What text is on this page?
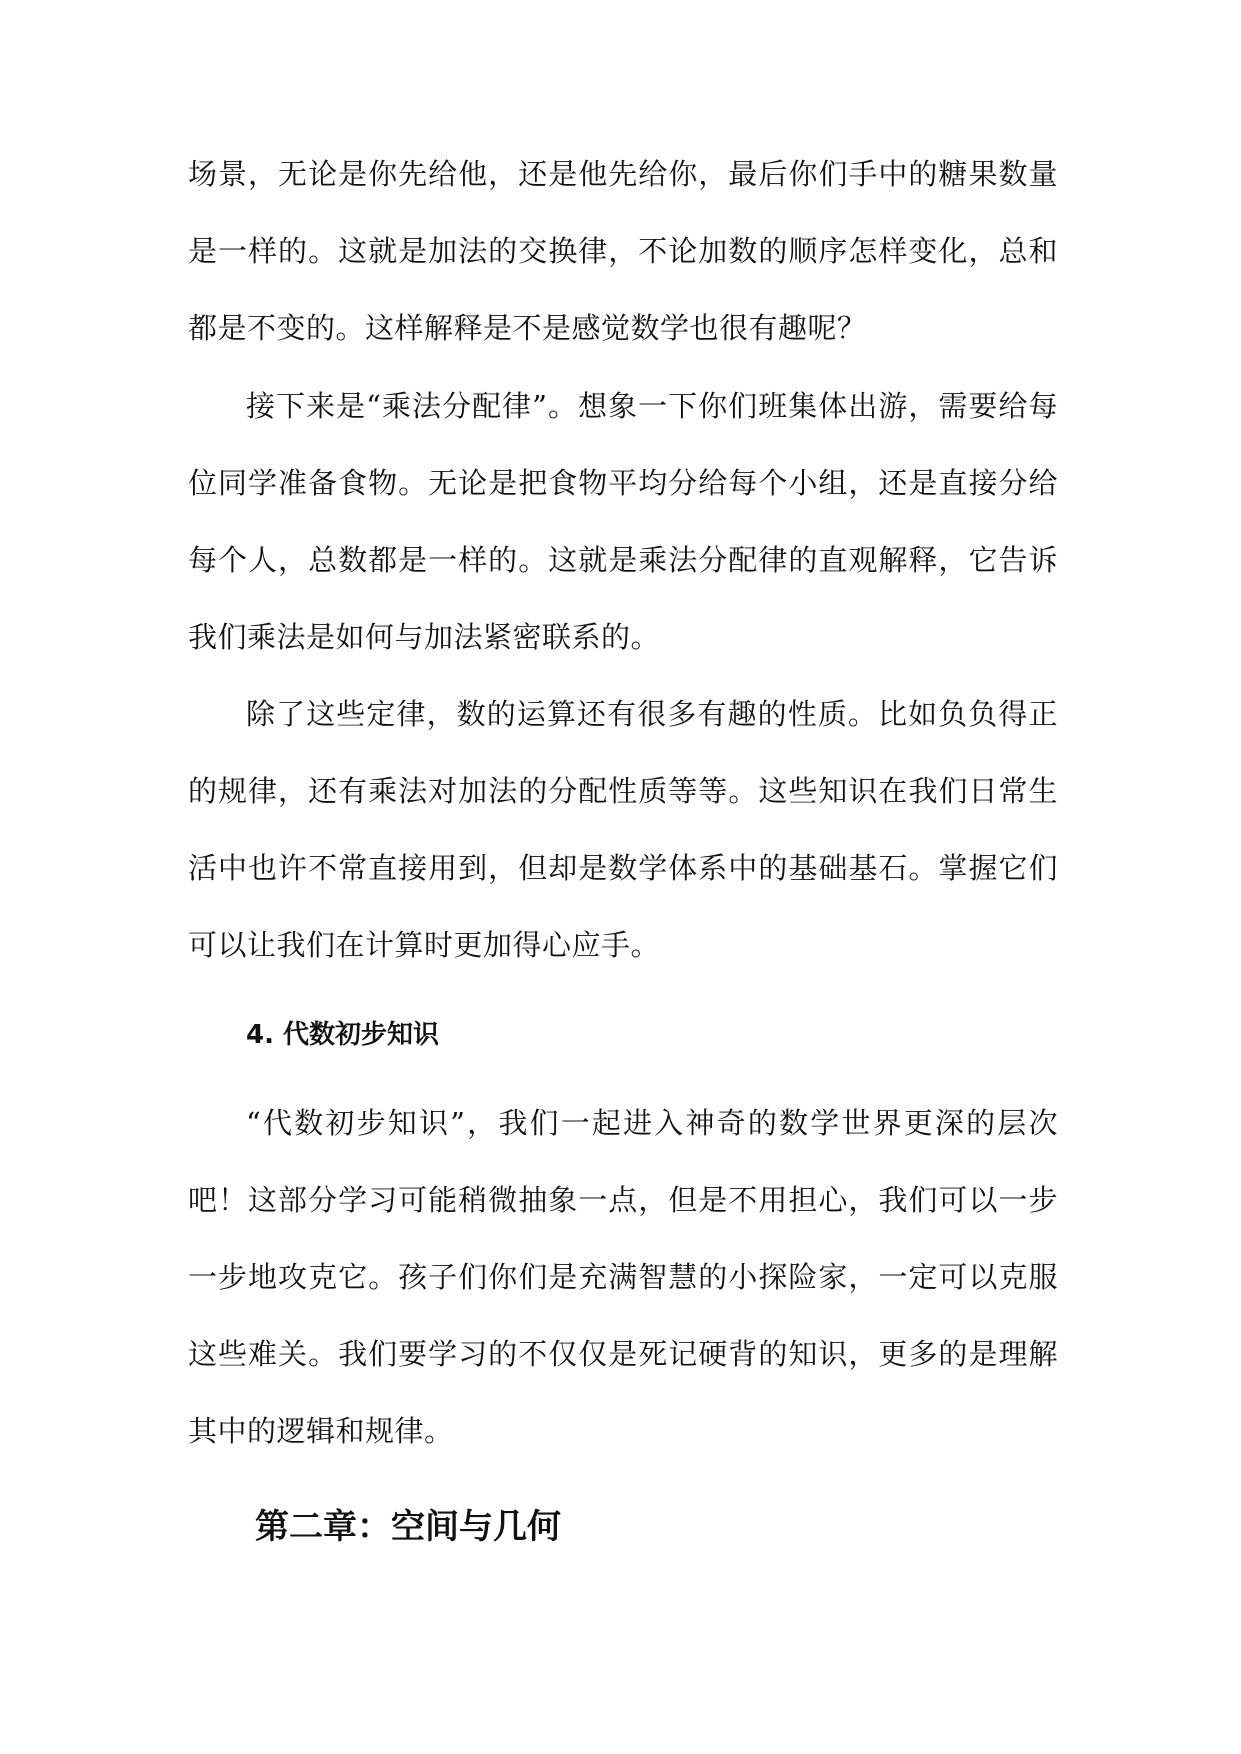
场景，无论是你先给他，还是他先给你，最后你们手中的糖果数量是一样的。这就是加法的交换律，不论加数的顺序怎样变化，总和都是不变的。这样解释是不是感觉数学也很有趣呢？

接下来是“乘法分配律”。想象一下你们班集体出游，需要给每位同学准备食物。无论是把食物平均分给每个小组，还是直接分给每个人，总数都是一样的。这就是乘法分配律的直观解释，它告诉我们乘法是如何与加法紧密联系的。

除了这些定律，数的运算还有很多有趣的性质。比如负负得正的规律，还有乘法对加法的分配性质等等。这些知识在我们日常生活中也许不常直接用到，但却是数学体系中的基础基石。掌握它们可以让我们在计算时更加得心应手。

4. 代数初步知识

“代数初步知识”，我们一起进入神奇的数学世界更深的层次吧！这部分学习可能稍微抽象一点，但是不用担心，我们可以一步一步地攻克它。孩子们你们是充满智慧的小探险家，一定可以克服这些难关。我们要学习的不仅仅是死记硬背的知识，更多的是理解其中的逻辑和规律。

第二章：空间与几何
